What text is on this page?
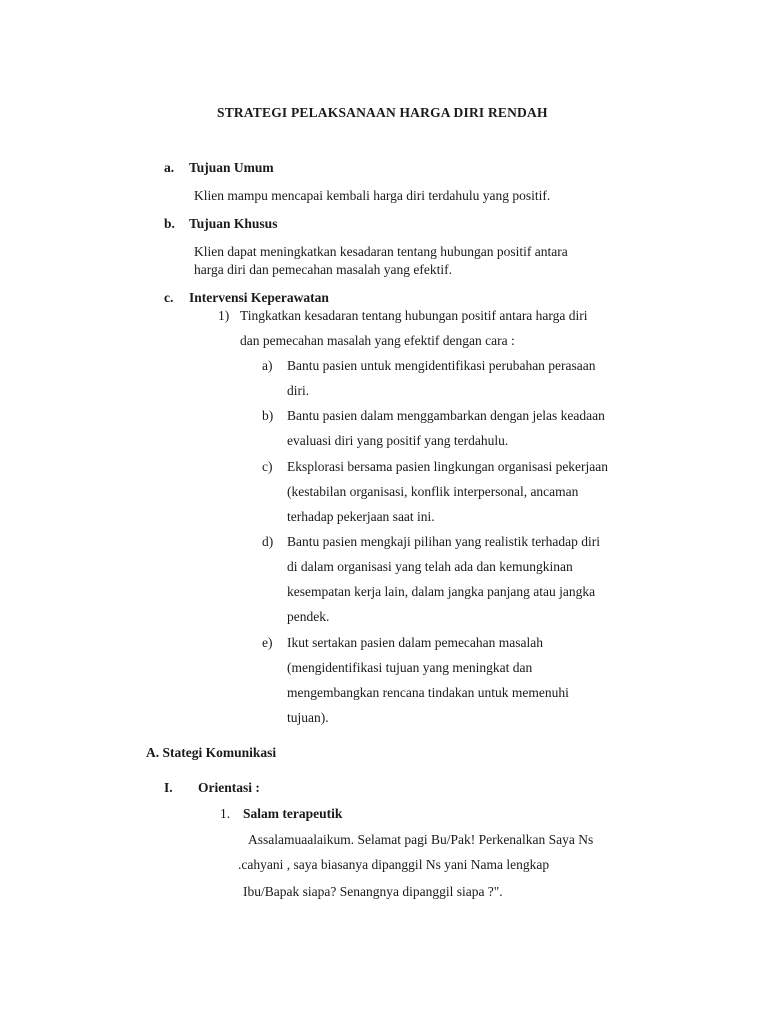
STRATEGI PELAKSANAAN HARGA DIRI RENDAH
a. Tujuan Umum
Klien mampu mencapai kembali harga diri terdahulu yang positif.
b. Tujuan Khusus
Klien dapat meningkatkan kesadaran tentang hubungan positif antara
harga diri dan pemecahan masalah yang efektif.
c. Intervensi Keperawatan
1) Tingkatkan kesadaran tentang hubungan positif antara harga diri
dan pemecahan masalah yang efektif dengan cara :
a) Bantu pasien untuk mengidentifikasi perubahan perasaan
diri.
b) Bantu pasien dalam menggambarkan dengan jelas keadaan
evaluasi diri yang positif yang terdahulu.
c) Eksplorasi bersama pasien lingkungan organisasi pekerjaan
(kestabilan organisasi, konflik interpersonal, ancaman
terhadap pekerjaan saat ini.
d) Bantu pasien mengkaji pilihan yang realistik terhadap diri
di dalam organisasi yang telah ada dan kemungkinan
kesempatan kerja lain, dalam jangka panjang atau jangka
pendek.
e) Ikut sertakan pasien dalam pemecahan masalah
(mengidentifikasi tujuan yang meningkat dan
mengembangkan rencana tindakan untuk memenuhi
tujuan).
A. Stategi Komunikasi
I. Orientasi :
1. Salam terapeutik
Assalamuaalaikum. Selamat pagi Bu/Pak! Perkenalkan Saya Ns
.cahyani , saya biasanya dipanggil Ns yani Nama lengkap
Ibu/Bapak siapa? Senangnya dipanggil siapa ?".
